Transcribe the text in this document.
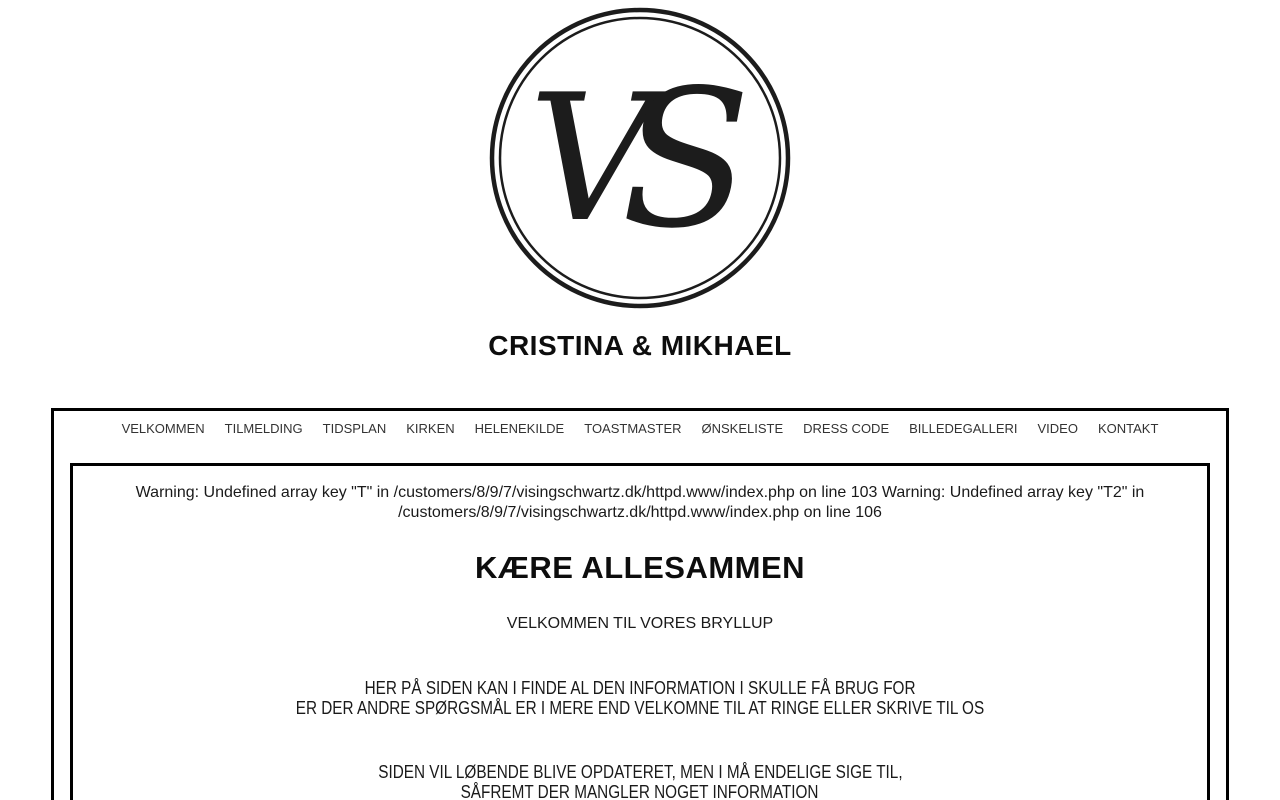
V
S
CRISTINA & MIKHAEL
VELKOMMEN TILMELDING TIDSPLAN KIRKEN HELENEKILDE TOASTMASTER ØNSKELISTE DRESS CODE BILLEDEGALLERI VIDEO KONTAKT

Warning: Undefined array key "T" in /customers/8/9/7/visingschwartz.dk/httpd.www/index.php on line 103 Warning: Undefined array key "T2" in /customers/8/9/7/visingschwartz.dk/httpd.www/index.php on line 106

KÆRE ALLESAMMEN

VELKOMMEN TIL VORES BRYLLUP

HER PÅ SIDEN KAN I FINDE AL DEN INFORMATION I SKULLE FÅ BRUG FOR
ER DER ANDRE SPØRGSMÅL ER I MERE END VELKOMNE TIL AT RINGE ELLER SKRIVE TIL OS

SIDEN VIL LØBENDE BLIVE OPDATERET, MEN I MÅ ENDELIGE SIGE TIL,
SÅFREMT DER MANGLER NOGET INFORMATION
